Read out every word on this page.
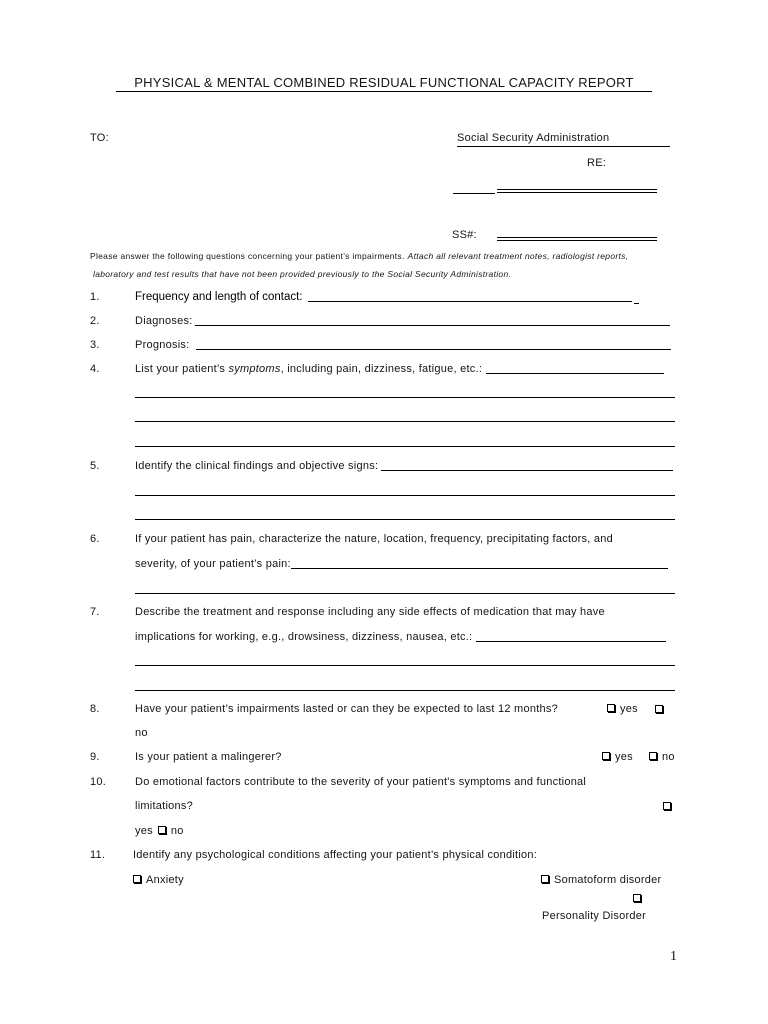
PHYSICAL & MENTAL COMBINED RESIDUAL FUNCTIONAL CAPACITY REPORT
TO:	Social Security Administration
RE:
SS#:
Please answer the following questions concerning your patient’s impairments. Attach all relevant treatment notes, radiologist reports,
laboratory and test results that have not been provided previously to the Social Security Administration.
1.	Frequency and length of contact:
2.	Diagnoses:
3.	Prognosis:
4.	List your patient’s symptoms, including pain, dizziness, fatigue, etc.:
5.	Identify the clinical findings and objective signs:
6.	If your patient has pain, characterize the nature, location, frequency, precipitating factors, and
severity, of your patient’s pain:
7.	Describe the treatment and response including any side effects of medication that may have
implications for working, e.g., drowsiness, dizziness, nausea, etc.:
8.	Have your patient’s impairments lasted or can they be expected to last 12 months?	yes
no
9.	Is your patient a malingerer?	yes	no
10.	Do emotional factors contribute to the severity of your patient's symptoms and functional
limitations?
yes no
11.	Identify any psychological conditions affecting your patient’s physical condition:
Anxiety	Somatoform disorder
Personality Disorder
1
